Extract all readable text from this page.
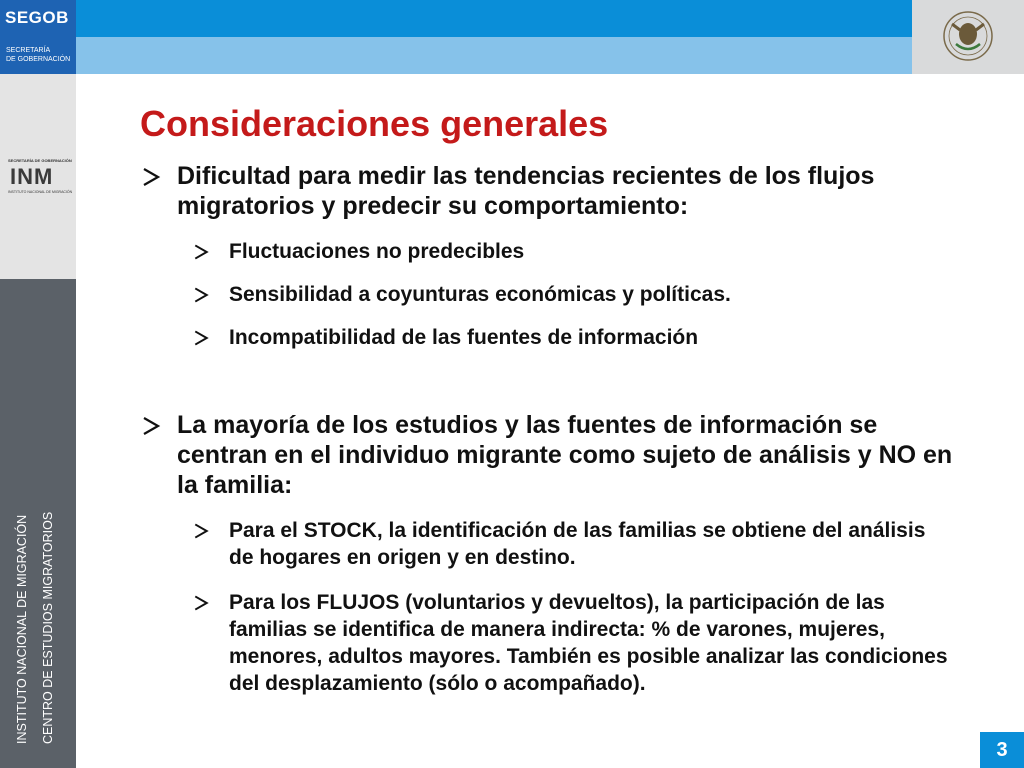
SEGOB
SECRETARÍA
DE GOBERNACIÓN
SECRETARÍA DE GOBERNACIÓN
INM
INSTITUTO NACIONAL DE MIGRACIÓN
INSTITUTO NACIONAL DE MIGRACIÓN CENTRO DE ESTUDIOS MIGRATORIOS
Consideraciones generales
Dificultad para medir las tendencias recientes de los flujos migratorios y predecir su comportamiento:
Fluctuaciones no predecibles
Sensibilidad a coyunturas económicas y políticas.
Incompatibilidad de las fuentes de información
La mayoría de los estudios y las fuentes de información se centran en el individuo migrante como sujeto de análisis y NO en la familia:
Para el STOCK, la identificación de las familias se obtiene del análisis de hogares en origen y en destino.
Para los FLUJOS (voluntarios y devueltos), la participación de las familias se identifica de manera indirecta: % de varones, mujeres, menores, adultos mayores. También es posible analizar las condiciones del desplazamiento (sólo o acompañado).
3
